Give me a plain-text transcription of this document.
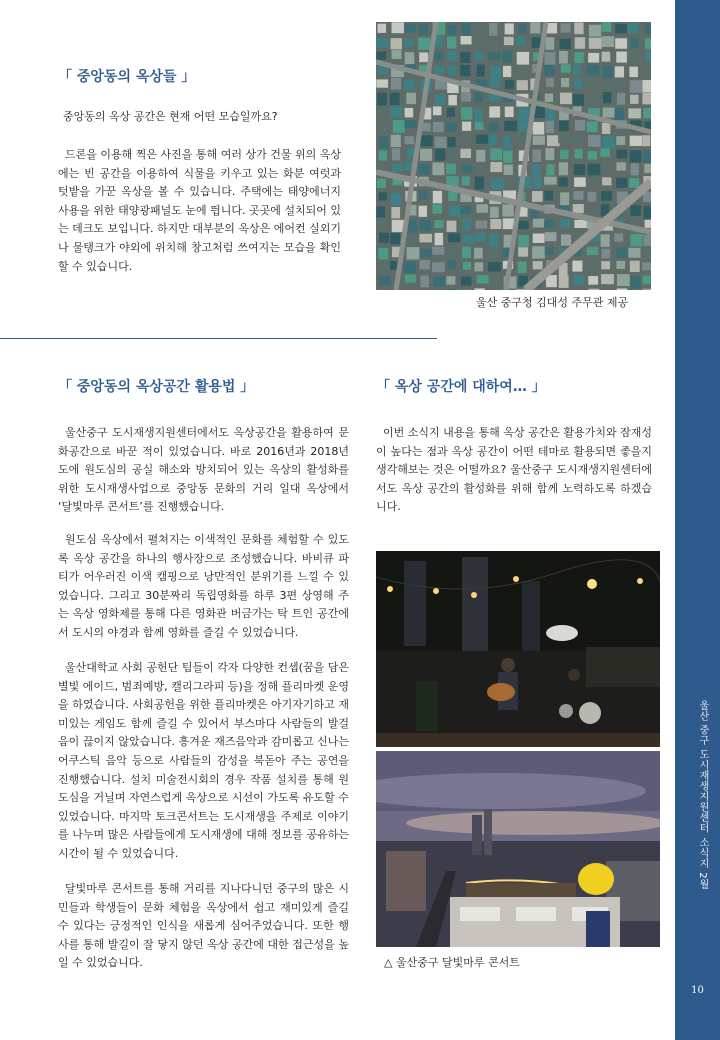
울산 중구 도시재생지원센터 소식지 2월
10
「 중앙동의 옥상들 」

중앙동의 옥상 공간은 현재 어떤 모습일까요?

드론을 이용해 찍은 사진을 통해 여러 상가 건물 위의 옥상에는 빈 공간을 이용하여 식물을 키우고 있는 화분 여럿과 텃밭을 가꾼 옥상을 볼 수 있습니다. 주택에는 태양에너지 사용을 위한 태양광패널도 눈에 띕니다. 곳곳에 설치되어 있는 데크도 보입니다. 하지만 대부분의 옥상은 에어컨 실외기나 물탱크가 야외에 위치해 창고처럼 쓰여지는 모습을 확인할 수 있습니다.

울산 중구청 김대성 주무관 제공
「 중앙동의 옥상공간 활용법 」

울산중구 도시재생지원센터에서도 옥상공간을 활용하여 문화공간으로 바꾼 적이 있었습니다. 바로 2016년과 2018년도에 원도심의 공실 해소와 방치되어 있는 옥상의 활성화를 위한 도시재생사업으로 중앙동 문화의 거리 일대 옥상에서 ‘달빛마루 콘서트’를 진행했습니다.

원도심 옥상에서 펼쳐지는 이색적인 문화를 체험할 수 있도록 옥상 공간을 하나의 행사장으로 조성했습니다. 바비큐 파티가 어우러진 이색 캠핑으로 낭만적인 분위기를 느낄 수 있었습니다. 그리고 30분짜리 독립영화를 하루 3편 상영해 주는 옥상 영화제를 통해 다른 영화관 버금가는 탁 트인 공간에서 도시의 야경과 함께 영화를 즐길 수 있었습니다.

울산대학교 사회 공헌단 팀들이 각자 다양한 컨셉(꿈을 담은 별빛 에이드, 범죄예방, 캘리그라피 등)을 정해 플리마켓 운영을 하였습니다. 사회공헌을 위한 플리마켓은 아기자기하고 재미있는 게임도 함께 즐길 수 있어서 부스마다 사람들의 발걸음이 끊이지 않았습니다. 흥겨운 재즈음악과 감미롭고 신나는 어쿠스틱 음악 등으로 사람들의 감성을 북돋아 주는 공연을 진행했습니다. 설치 미술전시회의 경우 작품 설치를 통해 원도심을 거닐며 자연스럽게 옥상으로 시선이 가도록 유도할 수 있었습니다. 마지막 토크콘서트는 도시재생을 주제로 이야기를 나누며 많은 사람들에게 도시재생에 대해 정보를 공유하는 시간이 될 수 있었습니다.

달빛마루 콘서트를 통해 거리를 지나다니던 중구의 많은 시민들과 학생들이 문화 체험을 옥상에서 쉽고 재미있게 즐길 수 있다는 긍정적인 인식을 새롭게 심어주었습니다. 또한 행사를 통해 발길이 잘 닿지 않던 옥상 공간에 대한 접근성을 높일 수 있었습니다.

「 옥상 공간에 대하여… 」

이번 소식지 내용을 통해 옥상 공간은 활용가치와 잠재성이 높다는 점과 옥상 공간이 어떤 테마로 활용되면 좋을지 생각해보는 것은 어떨까요? 울산중구 도시재생지원센터에서도 옥상 공간의 활성화를 위해 함께 노력하도록 하겠습니다.

△ 울산중구 달빛마루 콘서트
